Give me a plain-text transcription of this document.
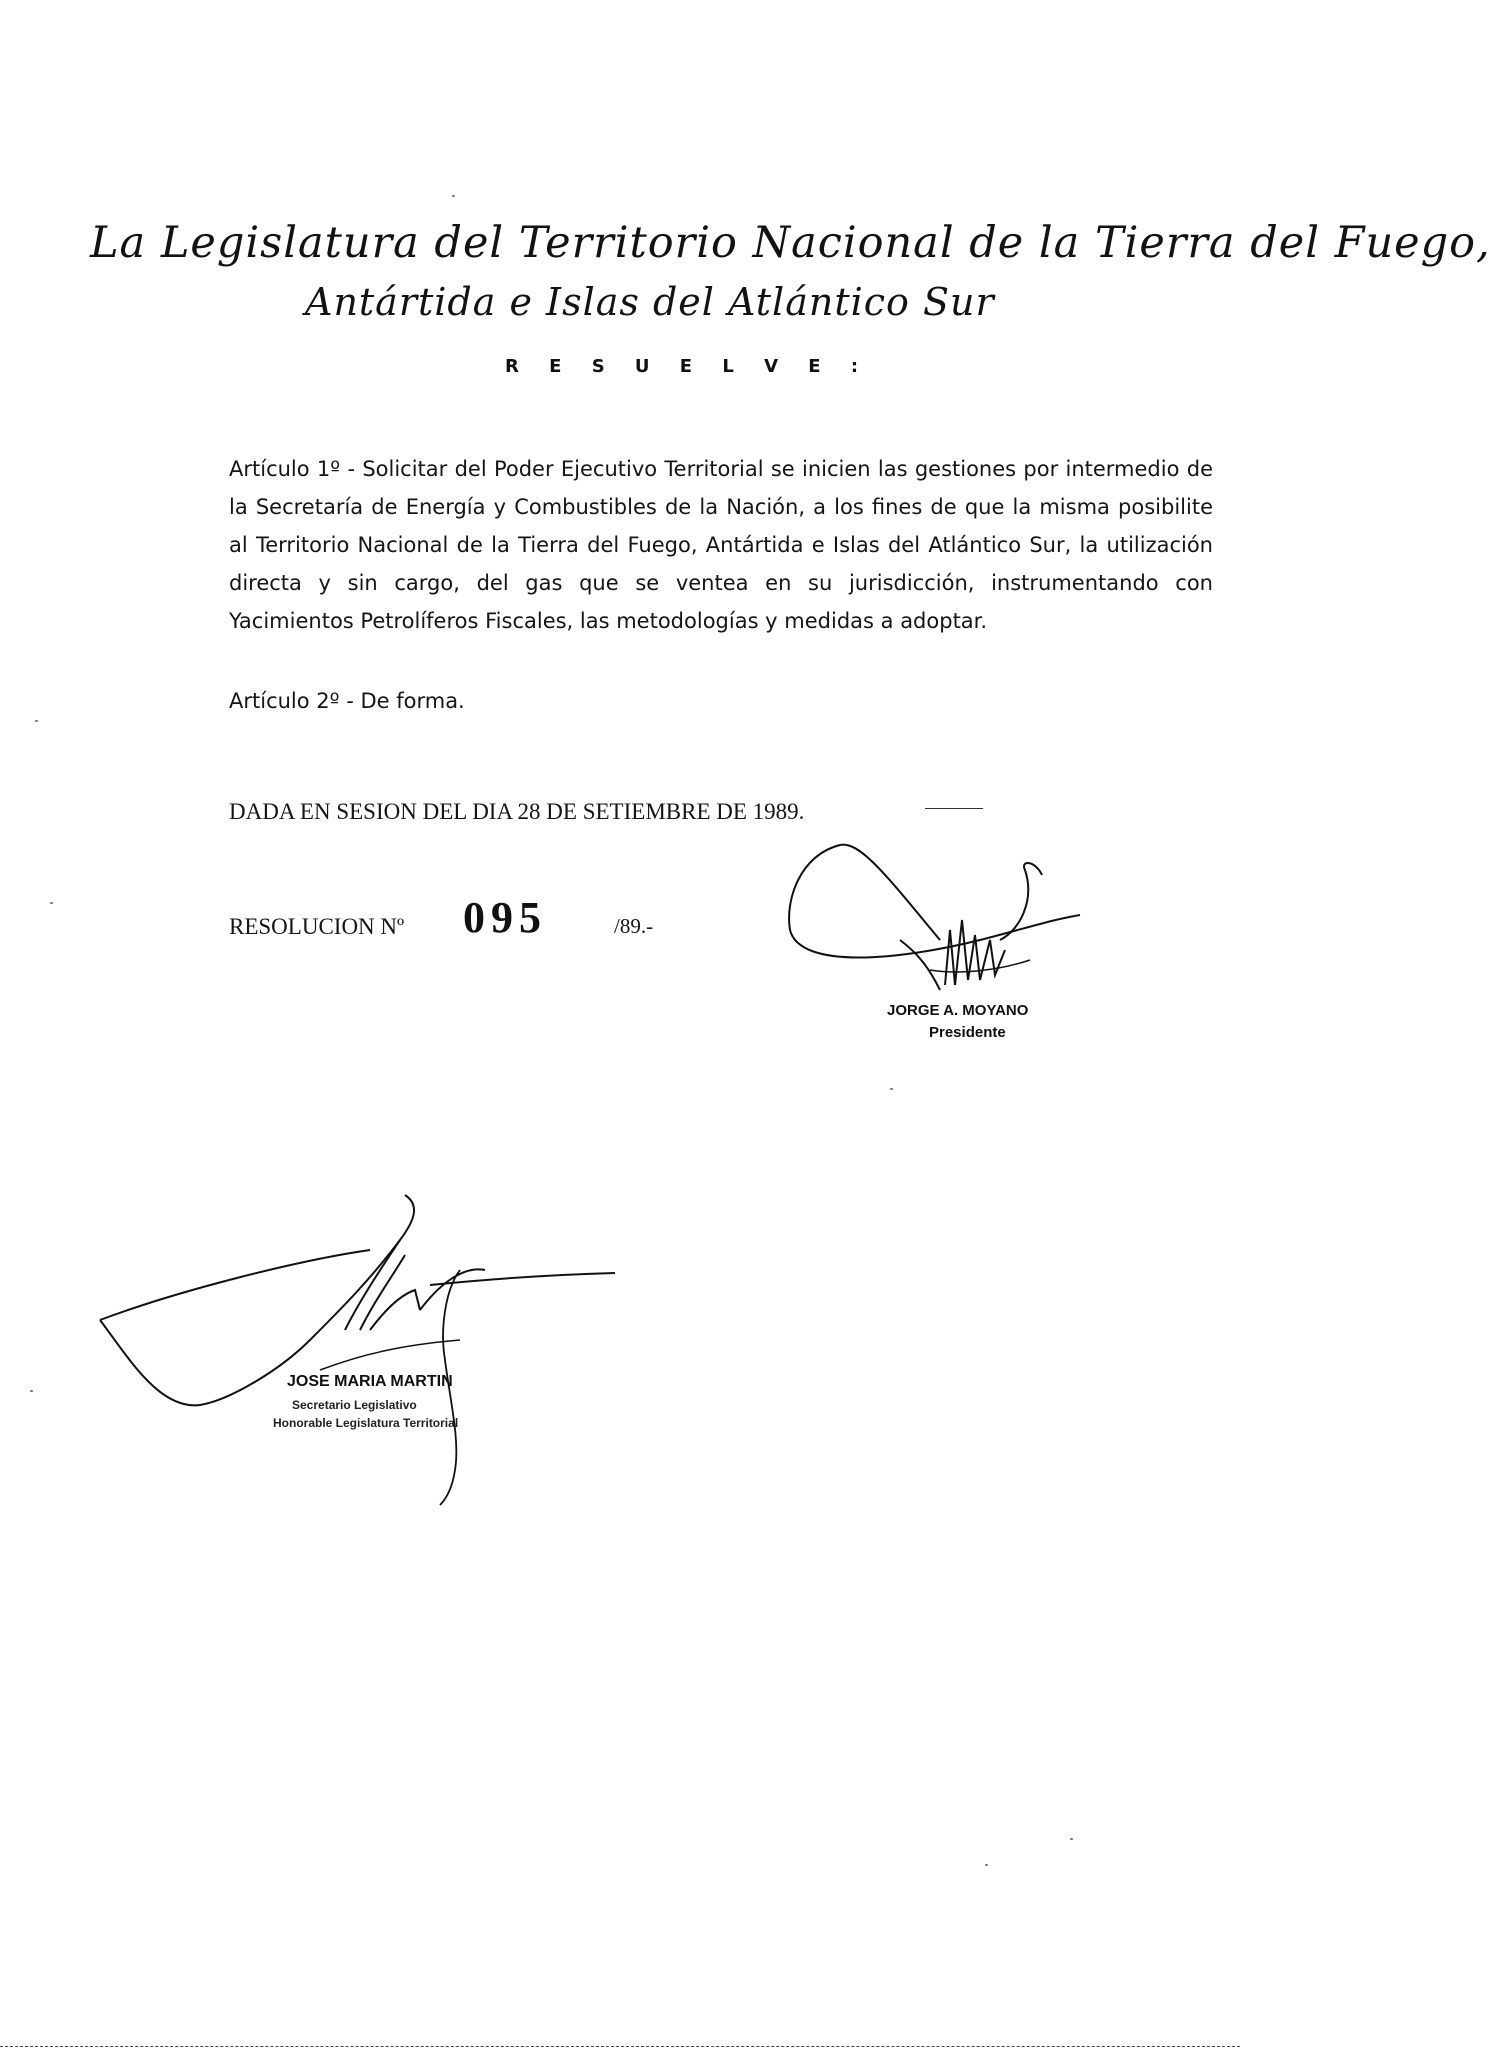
La Legislatura del Territorio Nacional de la Tierra del Fuego,
Antártida e Islas del Atlántico Sur
R E S U E L V E :
Artículo 1º - Solicitar del Poder Ejecutivo Territorial se inicien las gestiones por intermedio de la Secretaría de Energía y Combustibles de la Nación, a los fines de que la misma posibilite al Territorio Nacional de la Tierra del Fuego, Antártida e Islas del Atlántico Sur, la utilización directa y sin cargo, del gas que se ventea en su jurisdicción, instrumentando con Yacimientos Petrolíferos Fiscales, las metodologías y medidas a adoptar.
Artículo 2º - De forma.
DADA EN SESION DEL DIA 28 DE SETIEMBRE DE 1989.
RESOLUCION Nº 095	/89.-
JORGE A. MOYANO
Presidente
JOSE MARIA MARTIN
Secretario Legislativo
Honorable Legislatura Territorial
